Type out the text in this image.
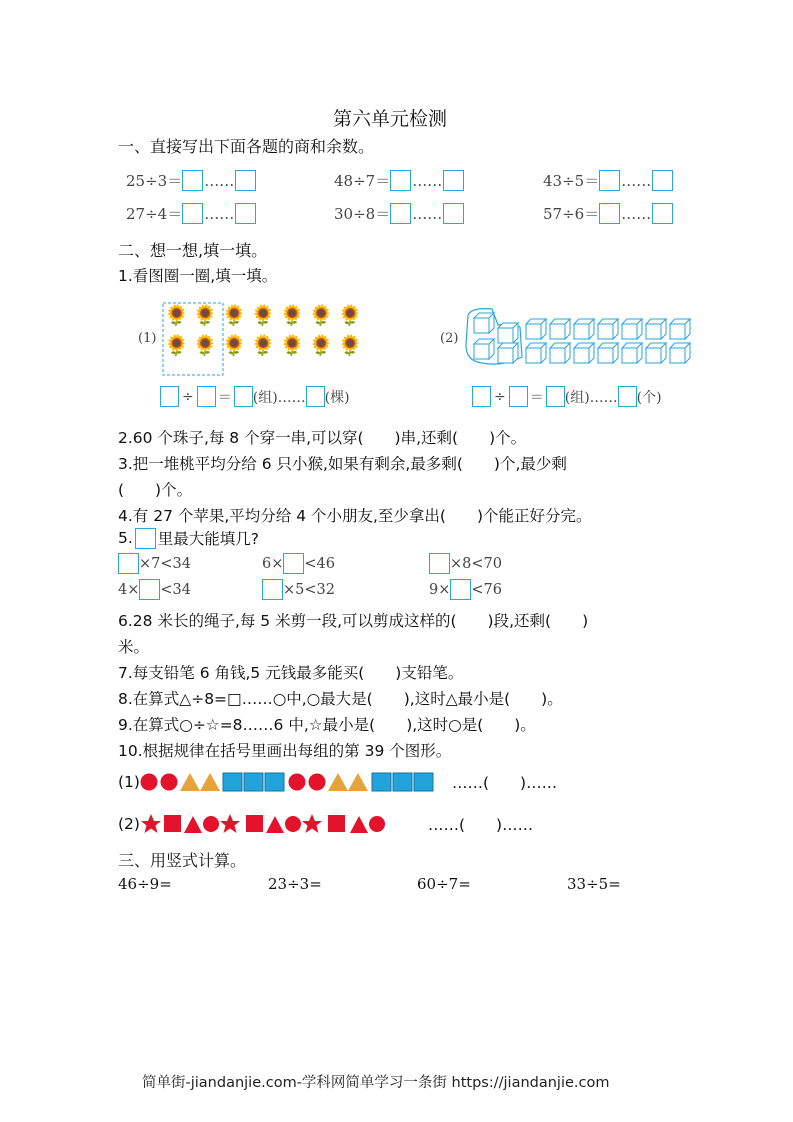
第六单元检测
一、直接写出下面各题的商和余数。
25÷3＝ ……	48÷7＝ ……	43÷5＝ ……
27÷4＝ ……	30÷8＝ ……	57÷6＝ ……
二、想一想,填一填。
1.看图圈一圈,填一填。
(1)
🌻 🌻 🌻 🌻 🌻 🌻 🌻
🌻 🌻 🌻 🌻 🌻 🌻 🌻	(2)
÷ ＝ (组)…… (棵)	÷ ＝ (组)…… (个)
2.60 个珠子,每 8 个穿一串,可以穿(　　)串,还剩(　　)个。
3.把一堆桃平均分给 6 只小猴,如果有剩余,最多剩(　　)个,最少剩
(　　)个。
4.有 27 个苹果,平均分给 4 个小朋友,至少拿出(　　)个能正好分完。
5. 里最大能填几?
×7<34	6× <46	×8<70
4× <34	×5<32	9× <76
6.28 米长的绳子,每 5 米剪一段,可以剪成这样的(　　)段,还剩(　　)
米。
7.每支铅笔 6 角钱,5 元钱最多能买(　　)支铅笔。
8.在算式△÷8=□……○中,○最大是(　　),这时△最小是(　　)。
9.在算式○÷☆=8……6 中,☆最小是(　　),这时○是(　　)。
10.根据规律在括号里画出每组的第 39 个图形。
(1)	……(　　)……
(2)	……(　　)……
三、用竖式计算。
46÷9=	23÷3=	60÷7=	33÷5=
简单街-jiandanjie.com-学科网简单学习一条街 https://jiandanjie.com
